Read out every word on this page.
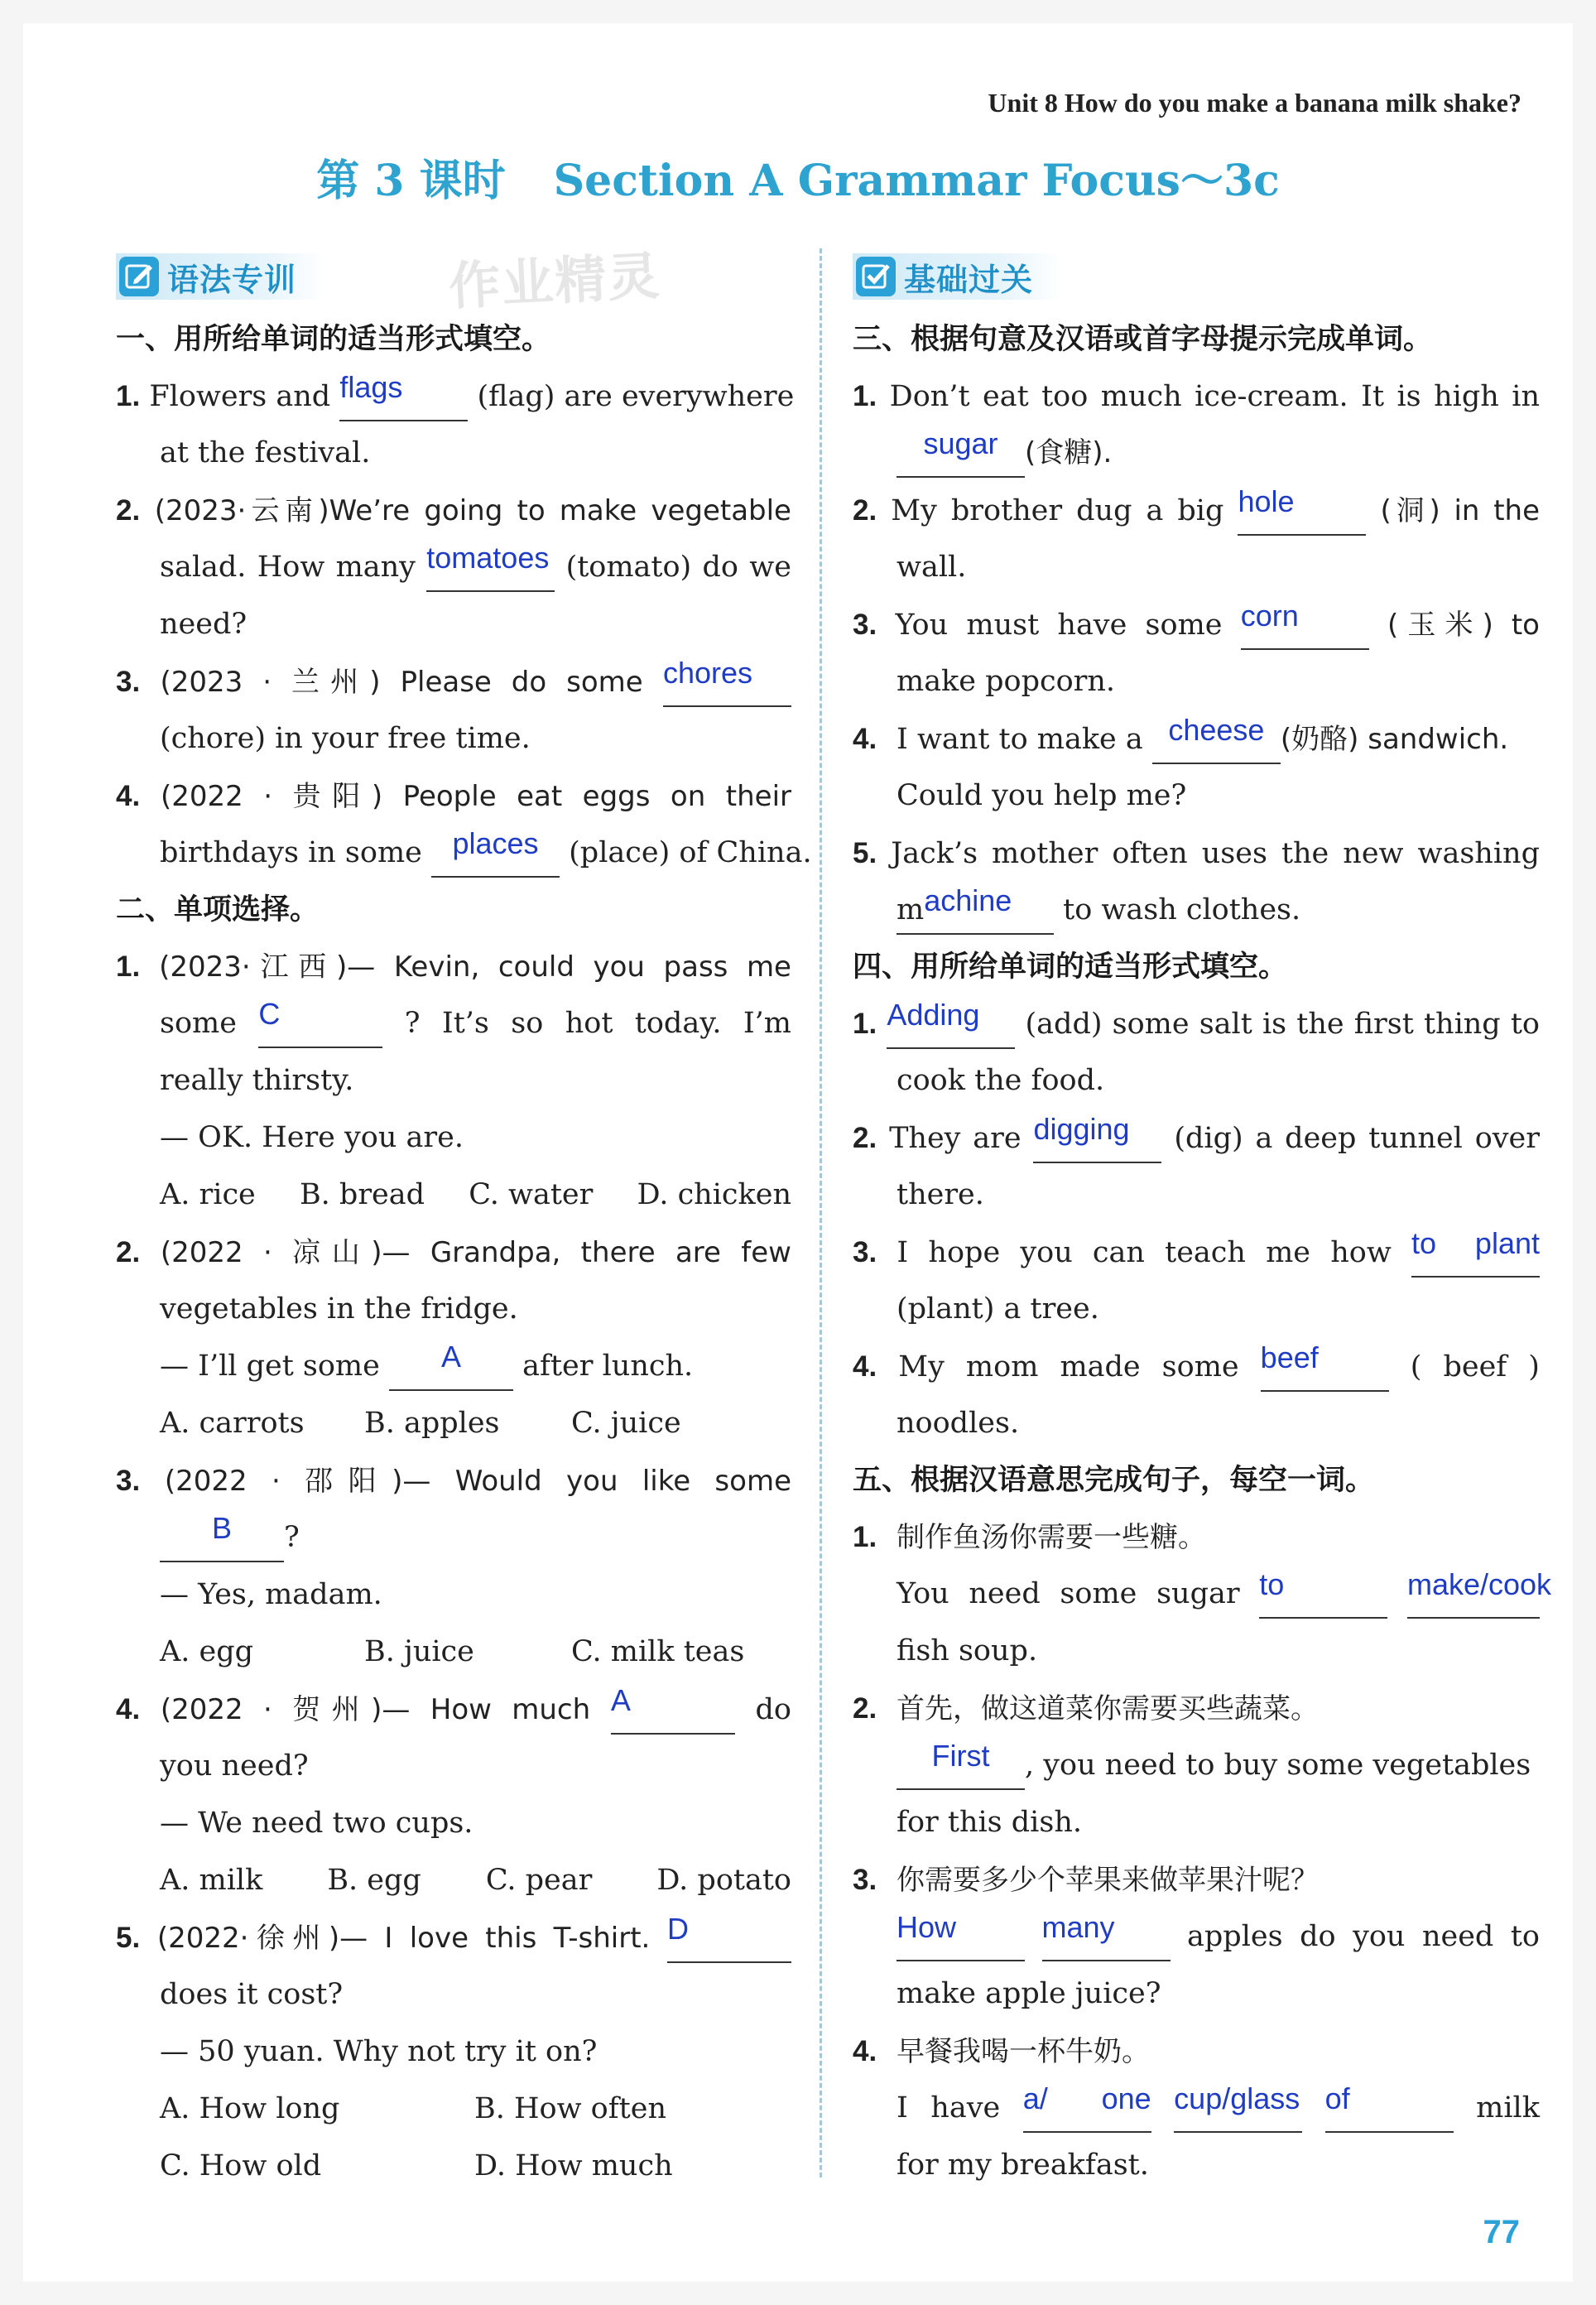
Unit 8 How do you make a banana milk shake?
第 3 课时 Section A Grammar Focus～3c
语法专训	作业精灵
一、用所给单词的适当形式填空。
1. Flowers and flags	(flag) are everywhere
at the festival.
2. (2023·云南)We’re going to make vegetable
salad. How many tomatoes (tomato) do we
need?
3. (2023 · 兰州) Please do some chores
(chore) in your free time.
4. (2022 · 贵阳) People eat eggs on their
birthdays in some places (place) of China.
二、单项选择。
1. (2023·江西)— Kevin, could you pass me
some C	? It’s so hot today. I’m
really thirsty.
— OK. Here you are.
A. rice B. bread C. water D. chicken
2. (2022 · 凉山)— Grandpa, there are few
vegetables in the fridge.
— I’ll get some A after lunch.
A. carrots	B. apples	C. juice
3. (2022 · 邵阳)— Would you like some
B ?
— Yes, madam.
A. egg	B. juice	C. milk teas
4. (2022 · 贺州)— How much A	do
you need?
— We need two cups.
A. milk B. egg C. pear D. potato
5. (2022·徐州)— I love this T-shirt. D
does it cost?
— 50 yuan. Why not try it on?
A. How long	B. How often
C. How old	D. How much
基础过关
三、根据句意及汉语或首字母提示完成单词。
1. Don’t eat too much ice-cream. It is high in
sugar (食糖).
2. My brother dug a big hole	(洞) in the
wall.
3. You must have some corn	(玉米) to
make popcorn.
4. I want to make a cheese (奶酪) sandwich.
Could you help me?
5. Jack’s mother often uses the new washing
machine to wash clothes.
四、用所给单词的适当形式填空。
1. Adding (add) some salt is the first thing to
cook the food.
2. They are digging (dig) a deep tunnel over
there.
3. I hope you can teach me how to plant
(plant) a tree.
4. My mom made some beef	( beef )
noodles.
五、根据汉语意思完成句子，每空一词。
1. 制作鱼汤你需要一些糖。
You need some sugar to	make/cook
fish soup.
2. 首先，做这道菜你需要买些蔬菜。
First , you need to buy some vegetables
for this dish.
3. 你需要多少个苹果来做苹果汁呢？
How	many apples do you need to
make apple juice?
4. 早餐我喝一杯牛奶。
I have a/ one cup/glass of	milk
for my breakfast.
77
